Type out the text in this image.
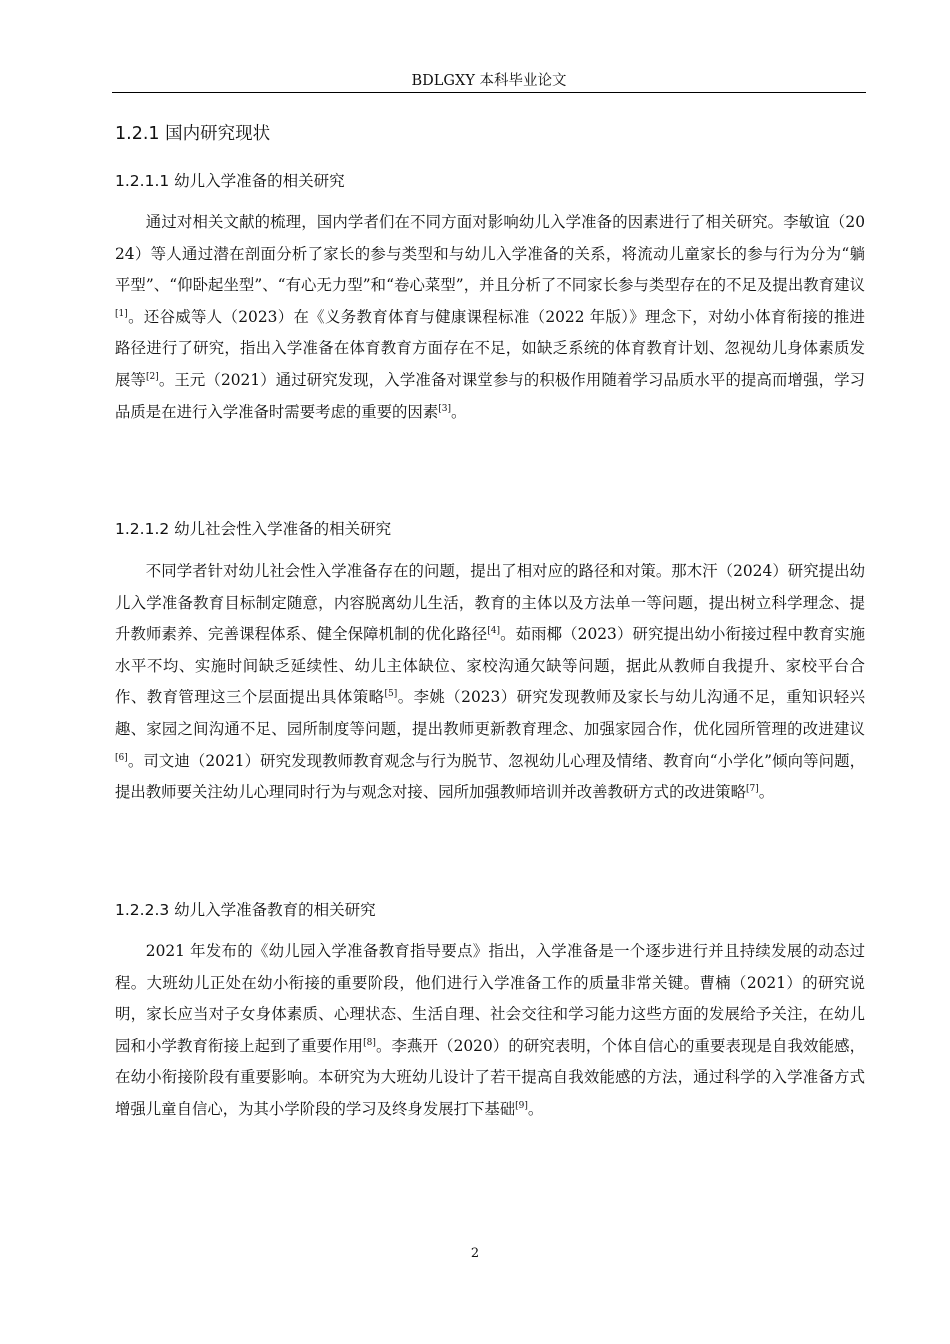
BDLGXY 本科毕业论文
1.2.1 国内研究现状
1.2.1.1 幼儿入学准备的相关研究

通过对相关文献的梳理，国内学者们在不同方面对影响幼儿入学准备的因素进行了相关研究。李敏谊（2024）等人通过潜在剖面分析了家长的参与类型和与幼儿入学准备的关系，将流动儿童家长的参与行为分为“躺平型”、“仰卧起坐型”、“有心无力型”和“卷心菜型”，并且分析了不同家长参与类型存在的不足及提出教育建议[1]。还谷威等人（2023）在《义务教育体育与健康课程标准（2022 年版）》理念下，对幼小体育衔接的推进路径进行了研究，指出入学准备在体育教育方面存在不足，如缺乏系统的体育教育计划、忽视幼儿身体素质发展等[2]。王元（2021）通过研究发现，入学准备对课堂参与的积极作用随着学习品质水平的提高而增强，学习品质是在进行入学准备时需要考虑的重要的因素[3]。

1.2.1.2 幼儿社会性入学准备的相关研究

不同学者针对幼儿社会性入学准备存在的问题，提出了相对应的路径和对策。那木汗（2024）研究提出幼儿入学准备教育目标制定随意，内容脱离幼儿生活，教育的主体以及方法单一等问题，提出树立科学理念、提升教师素养、完善课程体系、健全保障机制的优化路径[4]。茹雨椰（2023）研究提出幼小衔接过程中教育实施水平不均、实施时间缺乏延续性、幼儿主体缺位、家校沟通欠缺等问题，据此从教师自我提升、家校平台合作、教育管理这三个层面提出具体策略[5]。李姚（2023）研究发现教师及家长与幼儿沟通不足，重知识轻兴趣、家园之间沟通不足、园所制度等问题，提出教师更新教育理念、加强家园合作，优化园所管理的改进建议[6]。司文迪（2021）研究发现教师教育观念与行为脱节、忽视幼儿心理及情绪、教育向“小学化”倾向等问题，提出教师要关注幼儿心理同时行为与观念对接、园所加强教师培训并改善教研方式的改进策略[7]。

1.2.2.3 幼儿入学准备教育的相关研究

2021 年发布的《幼儿园入学准备教育指导要点》指出，入学准备是一个逐步进行并且持续发展的动态过程。大班幼儿正处在幼小衔接的重要阶段，他们进行入学准备工作的质量非常关键。曹楠（2021）的研究说明，家长应当对子女身体素质、心理状态、生活自理、社会交往和学习能力这些方面的发展给予关注，在幼儿园和小学教育衔接上起到了重要作用[8]。李燕开（2020）的研究表明，个体自信心的重要表现是自我效能感，在幼小衔接阶段有重要影响。本研究为大班幼儿设计了若干提高自我效能感的方法，通过科学的入学准备方式增强儿童自信心，为其小学阶段的学习及终身发展打下基础[9]。

2
